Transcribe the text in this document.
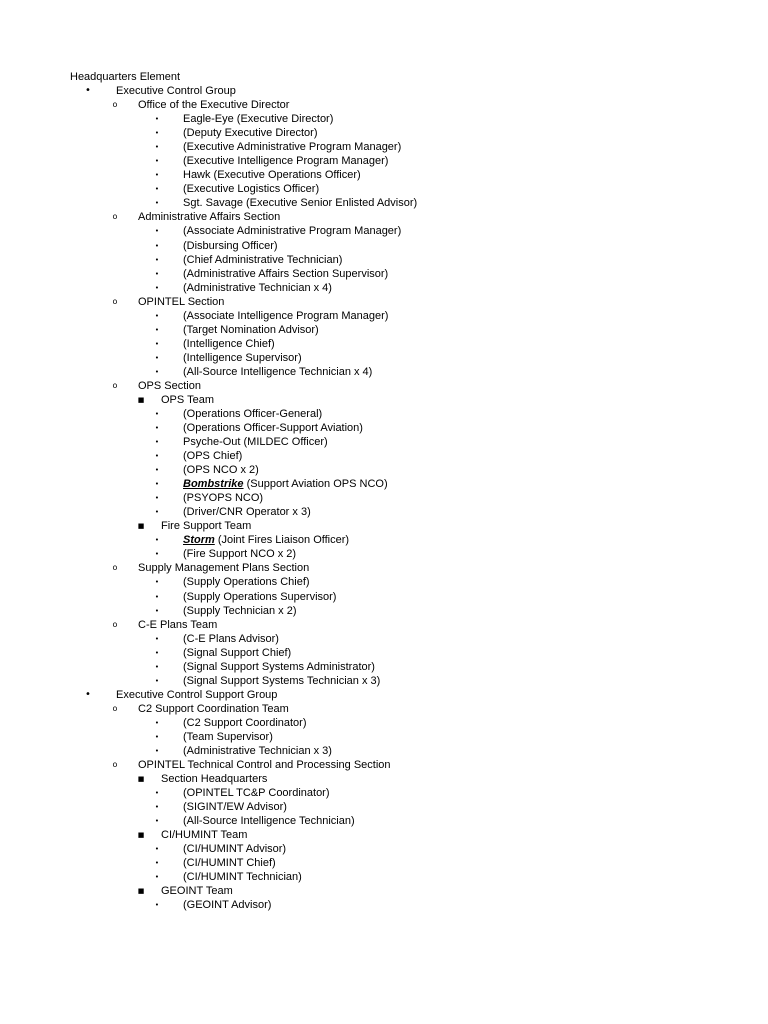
Headquarters Element
• Executive Control Group
o Office of the Executive Director
• Eagle-Eye (Executive Director)
• (Deputy Executive Director)
• (Executive Administrative Program Manager)
• (Executive Intelligence Program Manager)
• Hawk (Executive Operations Officer)
• (Executive Logistics Officer)
• Sgt. Savage (Executive Senior Enlisted Advisor)
o Administrative Affairs Section
• (Associate Administrative Program Manager)
• (Disbursing Officer)
• (Chief Administrative Technician)
• (Administrative Affairs Section Supervisor)
• (Administrative Technician x 4)
o OPINTEL Section
• (Associate Intelligence Program Manager)
• (Target Nomination Advisor)
• (Intelligence Chief)
• (Intelligence Supervisor)
• (All-Source Intelligence Technician x 4)
o OPS Section
■ OPS Team
• (Operations Officer-General)
• (Operations Officer-Support Aviation)
• Psyche-Out (MILDEC Officer)
• (OPS Chief)
• (OPS NCO x 2)
• Bombstrike (Support Aviation OPS NCO)
• (PSYOPS NCO)
• (Driver/CNR Operator x 3)
■ Fire Support Team
• Storm (Joint Fires Liaison Officer)
• (Fire Support NCO x 2)
o Supply Management Plans Section
• (Supply Operations Chief)
• (Supply Operations Supervisor)
• (Supply Technician x 2)
o C-E Plans Team
• (C-E Plans Advisor)
• (Signal Support Chief)
• (Signal Support Systems Administrator)
• (Signal Support Systems Technician x 3)
• Executive Control Support Group
o C2 Support Coordination Team
• (C2 Support Coordinator)
• (Team Supervisor)
• (Administrative Technician x 3)
o OPINTEL Technical Control and Processing Section
■ Section Headquarters
• (OPINTEL TC&P Coordinator)
• (SIGINT/EW Advisor)
• (All-Source Intelligence Technician)
■ CI/HUMINT Team
• (CI/HUMINT Advisor)
• (CI/HUMINT Chief)
• (CI/HUMINT Technician)
■ GEOINT Team
• (GEOINT Advisor)
